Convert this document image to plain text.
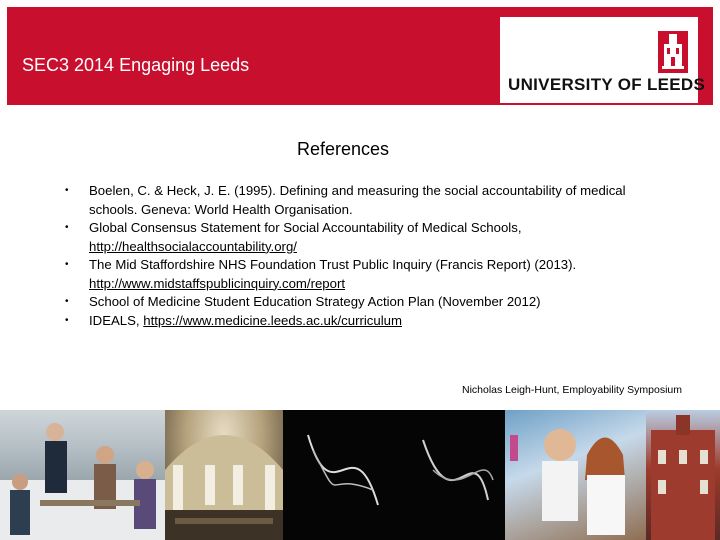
SEC3 2014 Engaging Leeds
UNIVERSITY OF LEEDS
References
• Boelen, C. & Heck, J. E. (1995). Defining and measuring the social accountability of medical schools. Geneva: World Health Organisation.
• Global Consensus Statement for Social Accountability of Medical Schools, http://healthsocialaccountability.org/
• The Mid Staffordshire NHS Foundation Trust Public Inquiry (Francis Report) (2013). http://www.midstaffspublicinquiry.com/report
• School of Medicine Student Education Strategy Action Plan (November 2012)
• IDEALS, https://www.medicine.leeds.ac.uk/curriculum
Nicholas Leigh-Hunt, Employability Symposium
